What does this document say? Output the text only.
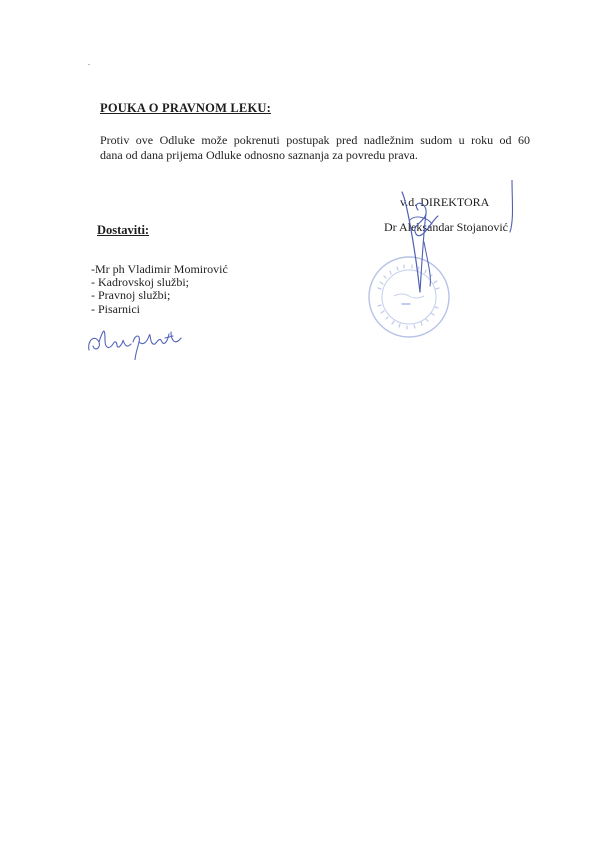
POUKA O PRAVNOM LEKU:
Protiv ove Odluke može pokrenuti postupak pred nadležnim sudom u roku od 60
dana od dana prijema Odluke odnosno saznanja za povredu prava.
Dostaviti:
-Mr ph Vladimir Momirović
- Kadrovskoj službi;
- Pravnoj službi;
- Pisarnici
v.d. DIREKTORA
Dr Aleksandar Stojanović
